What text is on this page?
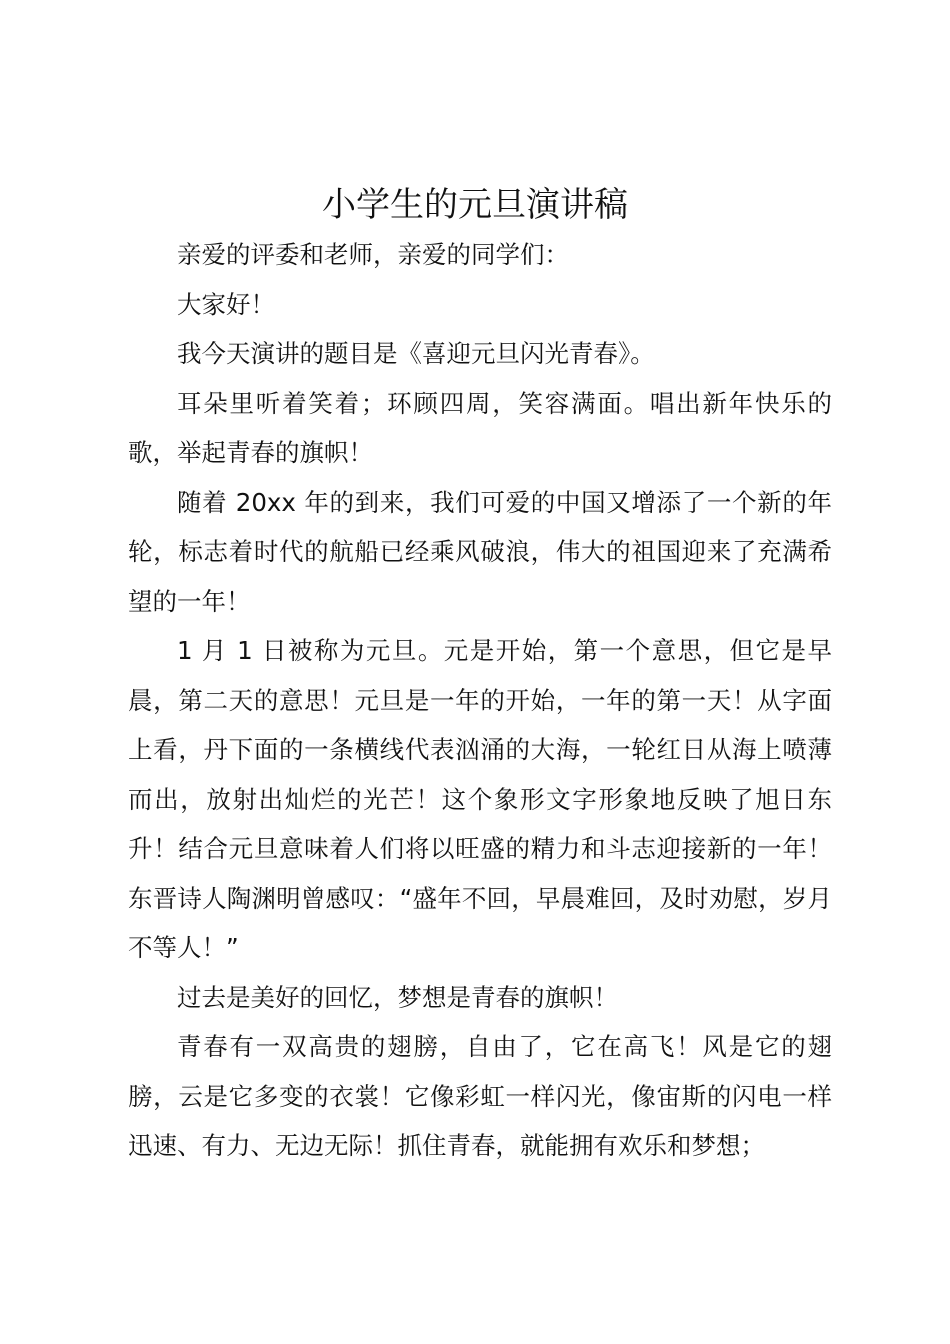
小学生的元旦演讲稿

亲爱的评委和老师，亲爱的同学们：

大家好！

我今天演讲的题目是《喜迎元旦闪光青春》。

耳朵里听着笑着；环顾四周，笑容满面。唱出新年快乐的歌，举起青春的旗帜！

随着 20xx 年的到来，我们可爱的中国又增添了一个新的年轮，标志着时代的航船已经乘风破浪，伟大的祖国迎来了充满希望的一年！

1 月 1 日被称为元旦。元是开始，第一个意思，但它是早晨，第二天的意思！元旦是一年的开始，一年的第一天！从字面上看，丹下面的一条横线代表汹涌的大海，一轮红日从海上喷薄而出，放射出灿烂的光芒！这个象形文字形象地反映了旭日东升！结合元旦意味着人们将以旺盛的精力和斗志迎接新的一年！东晋诗人陶渊明曾感叹：“盛年不回，早晨难回，及时劝慰，岁月不等人！”

过去是美好的回忆，梦想是青春的旗帜！

青春有一双高贵的翅膀，自由了，它在高飞！风是它的翅膀，云是它多变的衣裳！它像彩虹一样闪光，像宙斯的闪电一样迅速、有力、无边无际！抓住青春，就能拥有欢乐和梦想；
